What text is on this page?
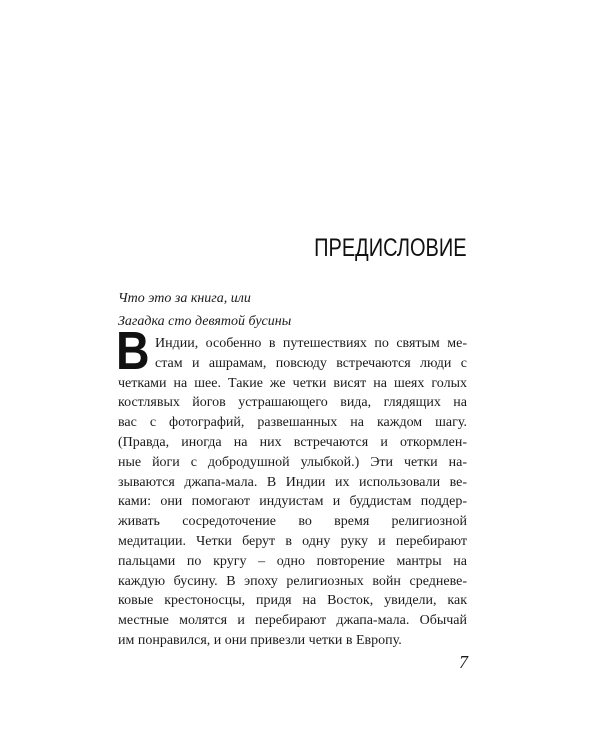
ПРЕДИСЛОВИЕ
Что это за книга, или
Загадка сто девятой бусины
В Индии, особенно в путешествиях по святым ме-
стам и ашрамам, повсюду встречаются люди с
четками на шее. Такие же четки висят на шеях голых
костлявых йогов устрашающего вида, глядящих на
вас с фотографий, развешанных на каждом шагу.
(Правда, иногда на них встречаются и откормлен-
ные йоги с добродушной улыбкой.) Эти четки на-
зываются джапа-мала. В Индии их использовали ве-
ками: они помогают индуистам и буддистам поддер-
живать сосредоточение во время религиозной
медитации. Четки берут в одну руку и перебирают
пальцами по кругу – одно повторение мантры на
каждую бусину. В эпоху религиозных войн средневе-
ковые крестоносцы, придя на Восток, увидели, как
местные молятся и перебирают джапа-мала. Обычай
им понравился, и они привезли четки в Европу.
7
